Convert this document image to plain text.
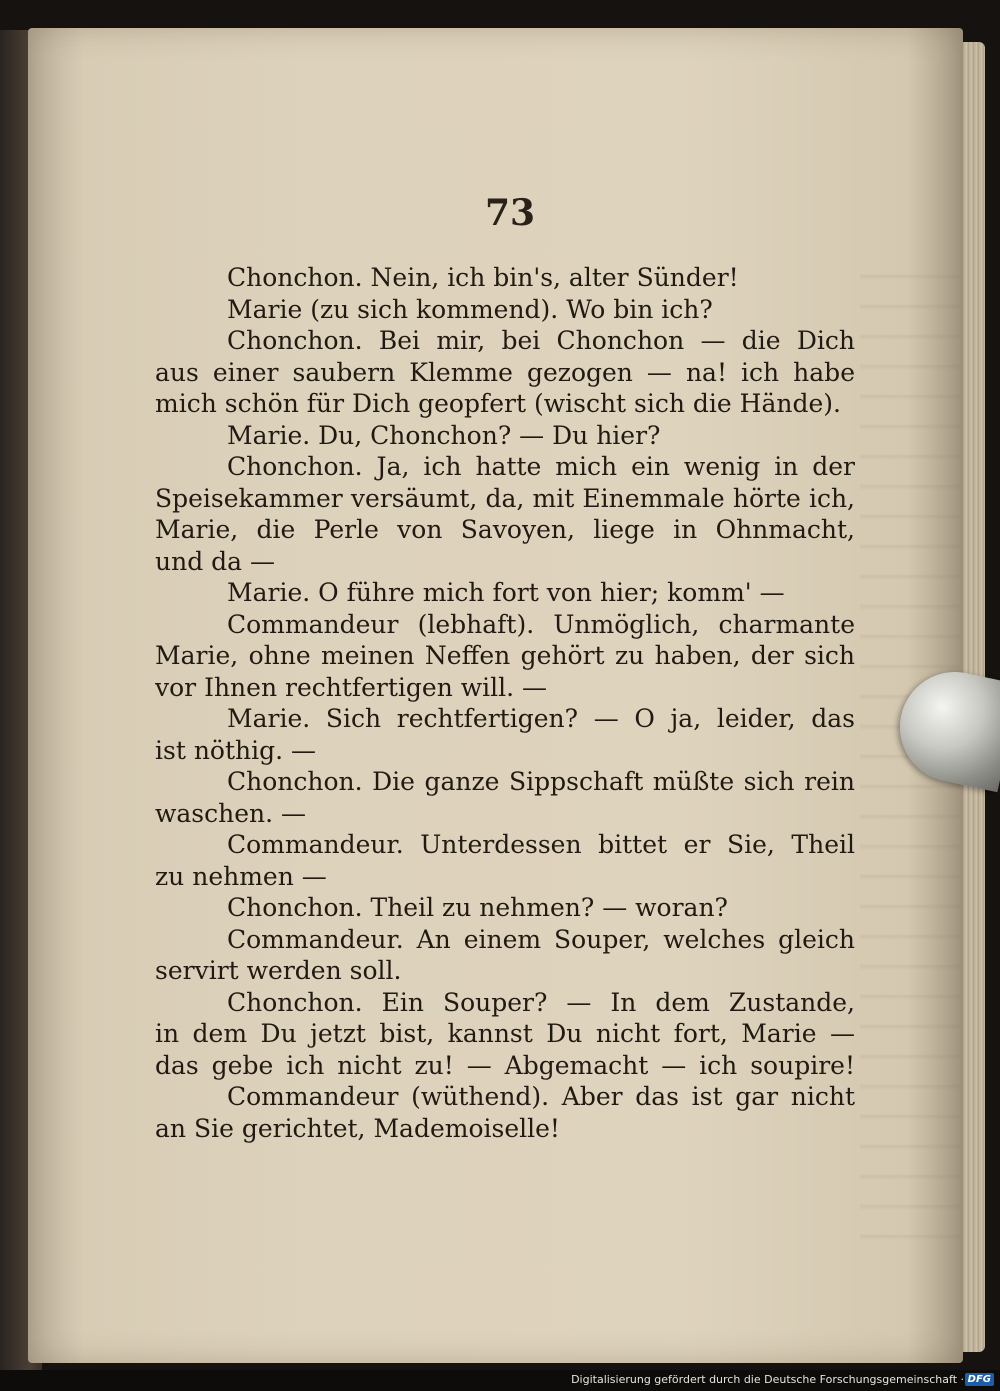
73
Chonchon. Nein, ich bin's, alter Sünder!
Marie (zu sich kommend). Wo bin ich?
Chonchon. Bei mir, bei Chonchon — die Dich
aus einer saubern Klemme gezogen — na! ich habe
mich schön für Dich geopfert (wischt sich die Hände).
Marie. Du, Chonchon? — Du hier?
Chonchon. Ja, ich hatte mich ein wenig in der
Speisekammer versäumt, da, mit Einemmale hörte ich,
Marie, die Perle von Savoyen, liege in Ohnmacht,
und da —
Marie. O führe mich fort von hier; komm' —
Commandeur (lebhaft). Unmöglich, charmante
Marie, ohne meinen Neffen gehört zu haben, der sich
vor Ihnen rechtfertigen will. —
Marie. Sich rechtfertigen? — O ja, leider, das
ist nöthig. —
Chonchon. Die ganze Sippschaft müßte sich rein
waschen. —
Commandeur. Unterdessen bittet er Sie, Theil
zu nehmen —
Chonchon. Theil zu nehmen? — woran?
Commandeur. An einem Souper, welches gleich
servirt werden soll.
Chonchon. Ein Souper? — In dem Zustande,
in dem Du jetzt bist, kannst Du nicht fort, Marie —
das gebe ich nicht zu! — Abgemacht — ich soupire!
Commandeur (wüthend). Aber das ist gar nicht
an Sie gerichtet, Mademoiselle!
Digitalisierung gefördert durch die Deutsche Forschungsgemeinschaft · DFG
